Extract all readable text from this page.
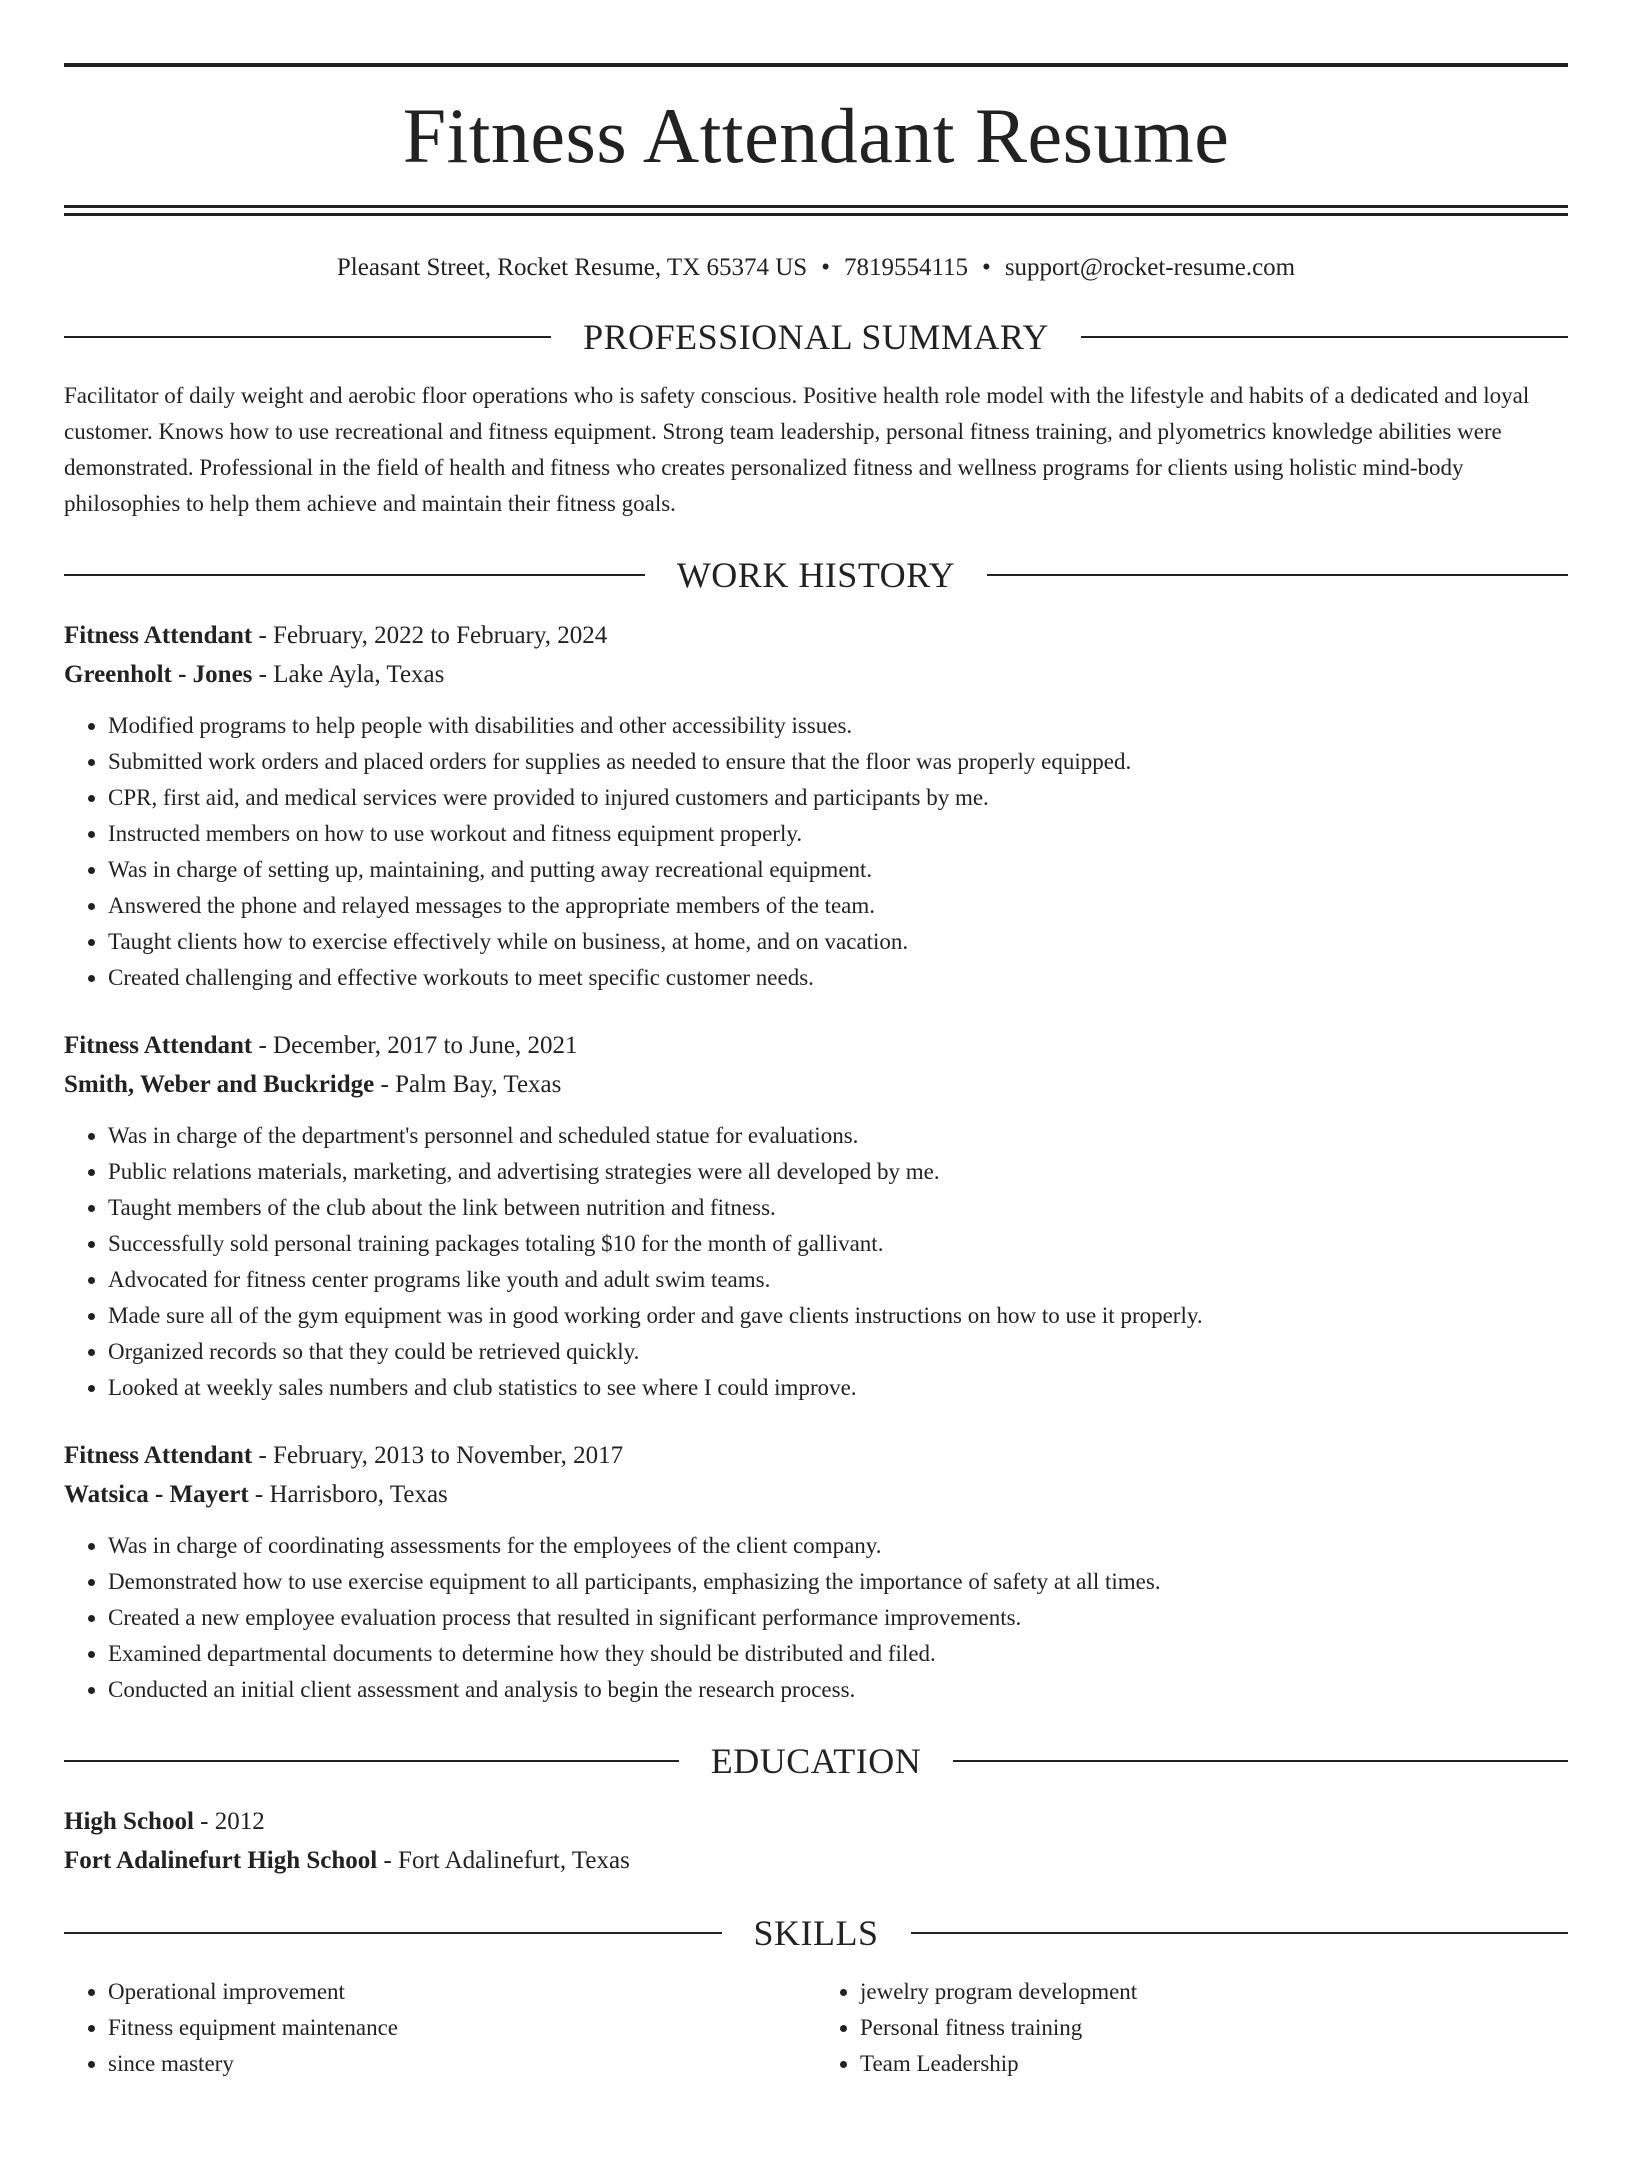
Fitness Attendant Resume
Pleasant Street, Rocket Resume, TX 65374 US • 7819554115 • support@rocket-resume.com
PROFESSIONAL SUMMARY
Facilitator of daily weight and aerobic floor operations who is safety conscious. Positive health role model with the lifestyle and habits of a dedicated and loyal customer. Knows how to use recreational and fitness equipment. Strong team leadership, personal fitness training, and plyometrics knowledge abilities were demonstrated. Professional in the field of health and fitness who creates personalized fitness and wellness programs for clients using holistic mind-body philosophies to help them achieve and maintain their fitness goals.
WORK HISTORY
Fitness Attendant - February, 2022 to February, 2024
Greenholt - Jones - Lake Ayla, Texas
• Modified programs to help people with disabilities and other accessibility issues.
• Submitted work orders and placed orders for supplies as needed to ensure that the floor was properly equipped.
• CPR, first aid, and medical services were provided to injured customers and participants by me.
• Instructed members on how to use workout and fitness equipment properly.
• Was in charge of setting up, maintaining, and putting away recreational equipment.
• Answered the phone and relayed messages to the appropriate members of the team.
• Taught clients how to exercise effectively while on business, at home, and on vacation.
• Created challenging and effective workouts to meet specific customer needs.
Fitness Attendant - December, 2017 to June, 2021
Smith, Weber and Buckridge - Palm Bay, Texas
• Was in charge of the department's personnel and scheduled statue for evaluations.
• Public relations materials, marketing, and advertising strategies were all developed by me.
• Taught members of the club about the link between nutrition and fitness.
• Successfully sold personal training packages totaling $10 for the month of gallivant.
• Advocated for fitness center programs like youth and adult swim teams.
• Made sure all of the gym equipment was in good working order and gave clients instructions on how to use it properly.
• Organized records so that they could be retrieved quickly.
• Looked at weekly sales numbers and club statistics to see where I could improve.
Fitness Attendant - February, 2013 to November, 2017
Watsica - Mayert - Harrisboro, Texas
• Was in charge of coordinating assessments for the employees of the client company.
• Demonstrated how to use exercise equipment to all participants, emphasizing the importance of safety at all times.
• Created a new employee evaluation process that resulted in significant performance improvements.
• Examined departmental documents to determine how they should be distributed and filed.
• Conducted an initial client assessment and analysis to begin the research process.
EDUCATION
High School - 2012
Fort Adalinefurt High School - Fort Adalinefurt, Texas
SKILLS
• Operational improvement
• Fitness equipment maintenance
• since mastery
• jewelry program development
• Personal fitness training
• Team Leadership
